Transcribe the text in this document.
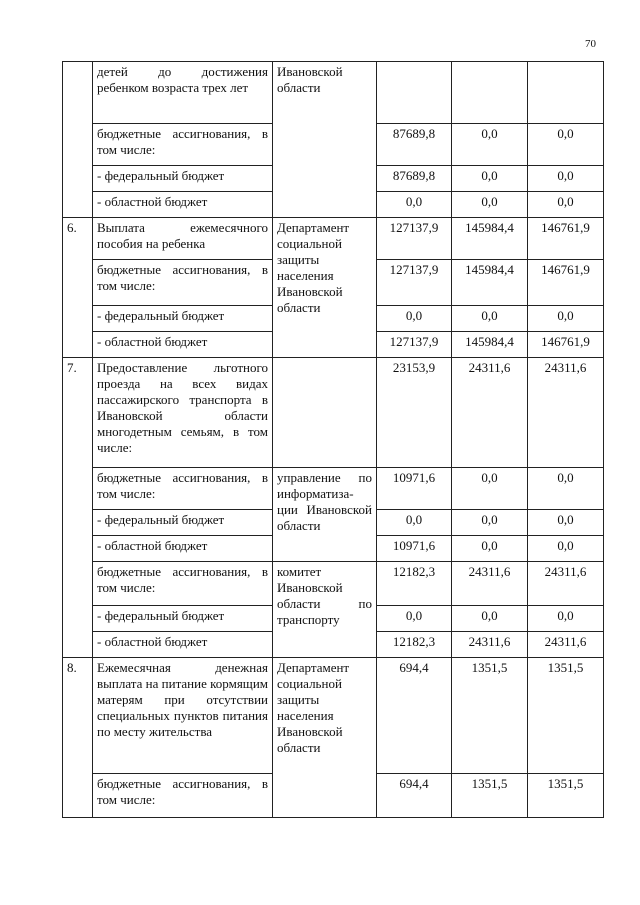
70
	детей до достижения ребенком возраста трех лет	Ивановской области			
	бюджетные ассигнования, в том числе:		87689,8	0,0	0,0
	- федеральный бюджет		87689,8	0,0	0,0
	- областной бюджет		0,0	0,0	0,0
6.	Выплата ежемесячного пособия на ребенка	Департамент социальной защиты населения Ивановской области	127137,9	145984,4	146761,9
	бюджетные ассигнования, в том числе:		127137,9	145984,4	146761,9
	- федеральный бюджет		0,0	0,0	0,0
	- областной бюджет		127137,9	145984,4	146761,9
7.	Предоставление льготного проезда на всех видах пассажирского транспорта в Ивановской области многодетным семьям, в том числе:		23153,9	24311,6	24311,6
	бюджетные ассигнования, в том числе:	управление по информатиза-ции Ивановской области	10971,6	0,0	0,0
	- федеральный бюджет		0,0	0,0	0,0
	- областной бюджет		10971,6	0,0	0,0
	бюджетные ассигнования, в том числе:	комитет Ивановской области по транспорту	12182,3	24311,6	24311,6
	- федеральный бюджет		0,0	0,0	0,0
	- областной бюджет		12182,3	24311,6	24311,6
8.	Ежемесячная денежная выплата на питание кормящим матерям при отсутствии специальных пунктов питания по месту жительства	Департамент социальной защиты населения Ивановской области	694,4	1351,5	1351,5
	бюджетные ассигнования, в том числе:		694,4	1351,5	1351,5
